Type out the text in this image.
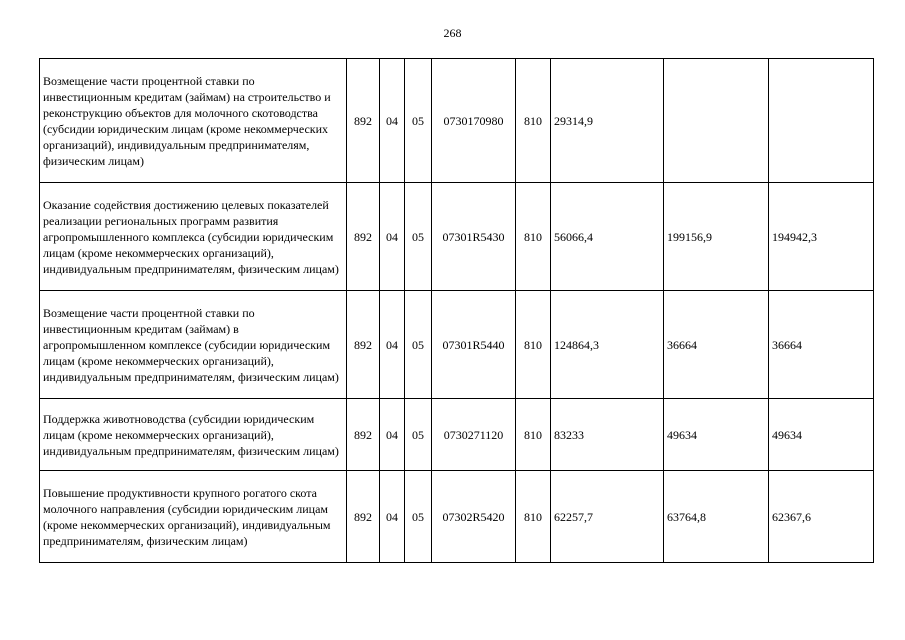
268
Возмещение части процентной ставки по инвестиционным кредитам (займам) на строительство и реконструкцию объектов для молочного скотоводства (субсидии юридическим лицам (кроме некоммерческих организаций), индивидуальным предпринимателям, физическим лицам)	892	04	05	0730170980	810	29314,9		
Оказание содействия достижению целевых показателей реализации региональных программ развития агропромышленного комплекса (субсидии юридическим лицам (кроме некоммерческих организаций), индивидуальным предпринимателям, физическим лицам)	892	04	05	07301R5430	810	56066,4	199156,9	194942,3
Возмещение части процентной ставки по инвестиционным кредитам (займам) в агропромышленном комплексе (субсидии юридическим лицам (кроме некоммерческих организаций), индивидуальным предпринимателям, физическим лицам)	892	04	05	07301R5440	810	124864,3	36664	36664
Поддержка животноводства (субсидии юридическим лицам (кроме некоммерческих организаций), индивидуальным предпринимателям, физическим лицам)	892	04	05	0730271120	810	83233	49634	49634
Повышение продуктивности крупного рогатого скота молочного направления (субсидии юридическим лицам (кроме некоммерческих организаций), индивидуальным предпринимателям, физическим лицам)	892	04	05	07302R5420	810	62257,7	63764,8	62367,6
